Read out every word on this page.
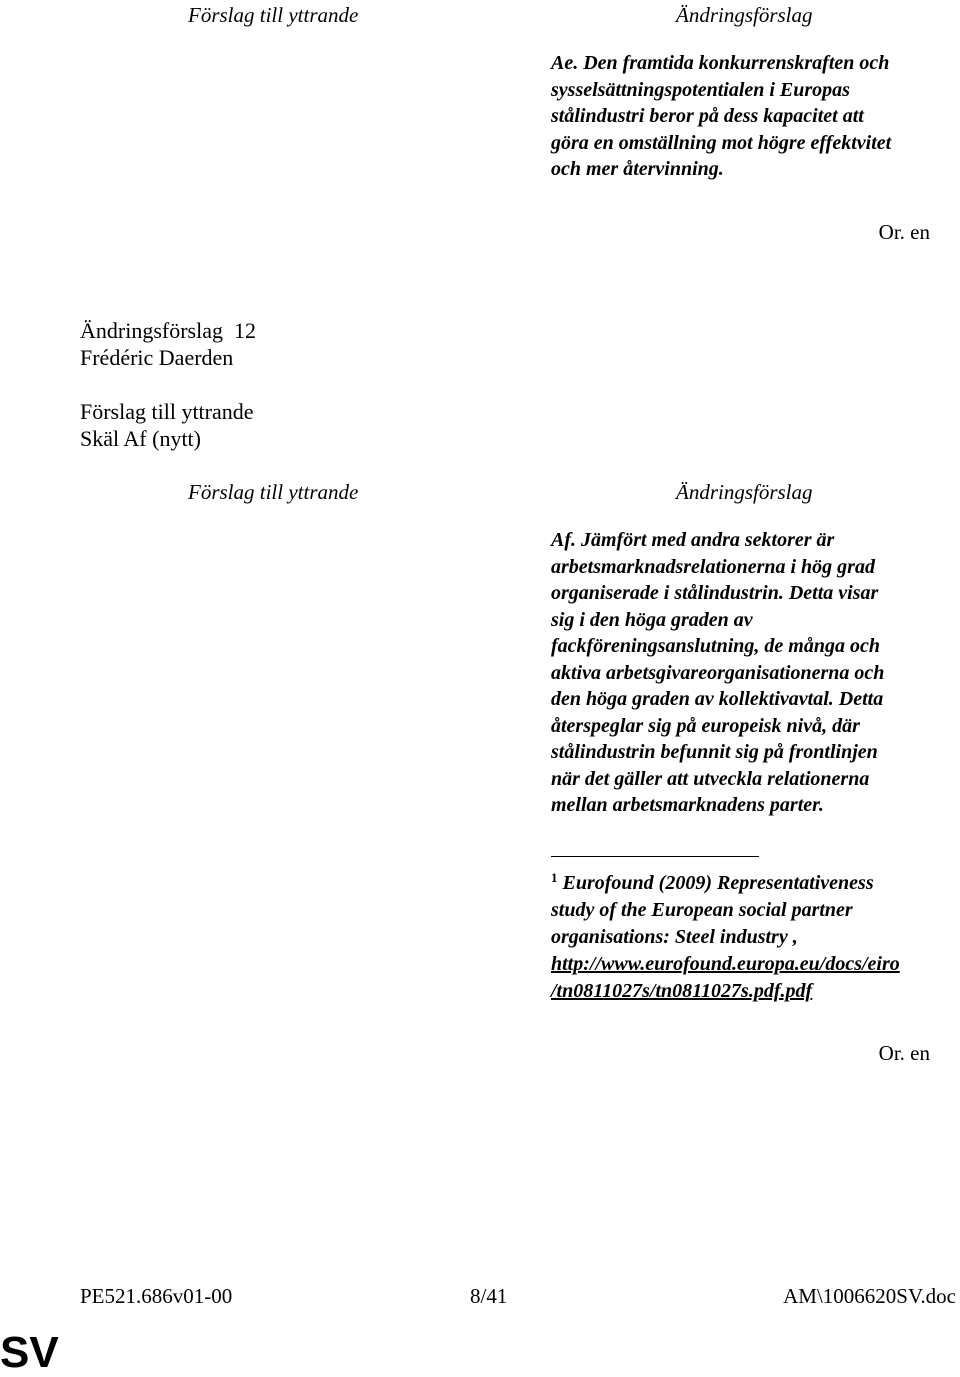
Förslag till yttrande	Ändringsförslag
Ae. Den framtida konkurrenskraften och
sysselsättningspotentialen i Europas
stålindustri beror på dess kapacitet att
göra en omställning mot högre effektvitet
och mer återvinning.
Or. en
Ändringsförslag  12
Frédéric Daerden
Förslag till yttrande
Skäl Af (nytt)
Förslag till yttrande	Ändringsförslag
Af. Jämfört med andra sektorer är
arbetsmarknadsrelationerna i hög grad
organiserade i stålindustrin. Detta visar
sig i den höga graden av
fackföreningsanslutning, de många och
aktiva arbetsgivareorganisationerna och
den höga graden av kollektivavtal. Detta
återspeglar sig på europeisk nivå, där
stålindustrin befunnit sig på frontlinjen
när det gäller att utveckla relationerna
mellan arbetsmarknadens parter.
$^1$ Eurofound (2009) Representativeness
study of the European social partner
organisations: Steel industry ,
http://www.eurofound.europa.eu/docs/eiro
/tn0811027s/tn0811027s.pdf.pdf
Or. en
PE521.686v01-00	8/41	AM\1006620SV.doc
SV
